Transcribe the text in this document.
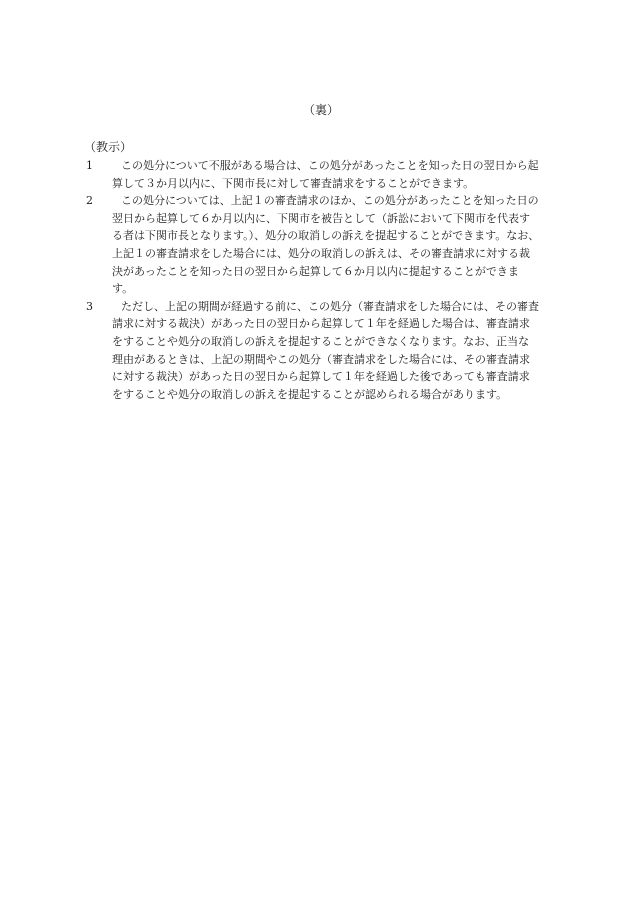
（裏）
（教示）
1	この処分について不服がある場合は、この処分があったことを知った日の翌日から起
算して３か月以内に、下関市長に対して審査請求をすることができます。
2	この処分については、上記１の審査請求のほか、この処分があったことを知った日の
翌日から起算して６か月以内に、下関市を被告として（訴訟において下関市を代表す
る者は下関市長となります。）、処分の取消しの訴えを提起することができます。なお、
上記１の審査請求をした場合には、処分の取消しの訴えは、その審査請求に対する裁
決があったことを知った日の翌日から起算して６か月以内に提起することができま
す。
3	ただし、上記の期間が経過する前に、この処分（審査請求をした場合には、その審査
請求に対する裁決）があった日の翌日から起算して１年を経過した場合は、審査請求
をすることや処分の取消しの訴えを提起することができなくなります。なお、正当な
理由があるときは、上記の期間やこの処分（審査請求をした場合には、その審査請求
に対する裁決）があった日の翌日から起算して１年を経過した後であっても審査請求
をすることや処分の取消しの訴えを提起することが認められる場合があります。
